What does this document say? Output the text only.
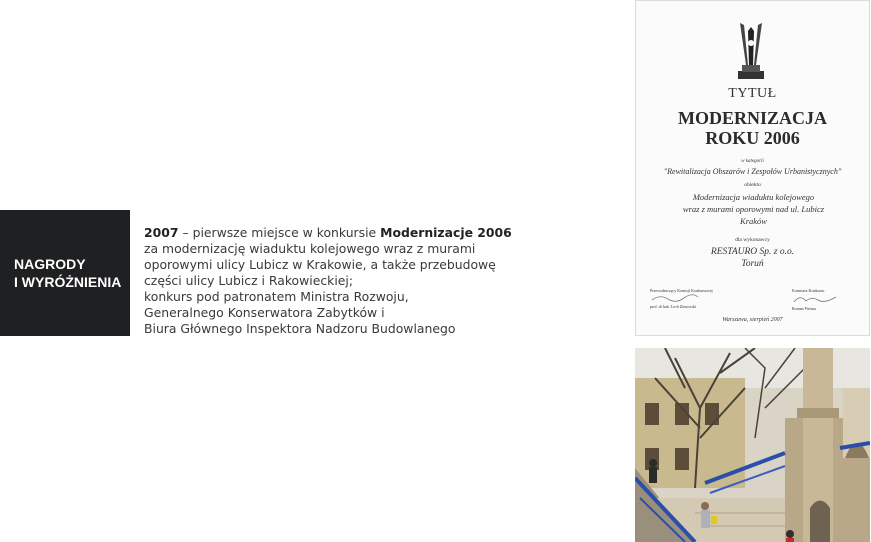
NAGRODY
I WYRÓŻNIENIA
2007 – pierwsze miejsce w konkursie Modernizacje 2006
za modernizację wiaduktu kolejowego wraz z murami
oporowymi ulicy Lubicz w Krakowie, a także przebudowę
części ulicy Lubicz i Rakowieckiej;
konkurs pod patronatem Ministra Rozwoju,
Generalnego Konserwatora Zabytków i
Biura Głównego Inspektora Nadzoru Budowlanego
TYTUŁ
MODERNIZACJA
ROKU 2006
w kategorii
"Rewitalizacja Obszarów i Zespołów Urbanistycznych"
obiektu
Modernizacja wiaduktu kolejowego
wraz z murami oporowymi nad ul. Lubicz
Kraków
dla wykonawcy
RESTAURO Sp. z o.o.
Toruń
Przewodniczący Komisji Konkursowej
prof. dr hab. Lech Zimowski
Komisarz Konkursu
Roman Pietura
Warszawa, sierpień 2007
